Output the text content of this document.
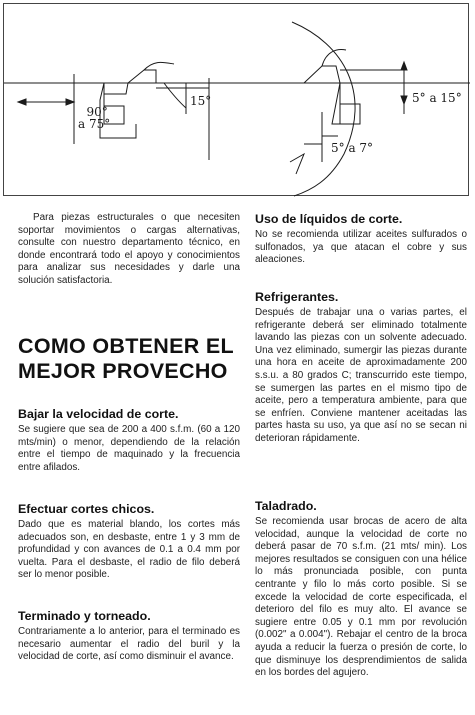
90°
a 75°
15°	5° a 15°
5° a 7°

Para piezas estructurales o que necesiten soportar movimientos o cargas alternativas, consulte con nuestro departamento técnico, en donde encontrará todo el apoyo y conocimientos para analizar sus necesidades y darle una solución satisfactoria.

COMO OBTENER EL
MEJOR PROVECHO
Bajar la velocidad de corte.

Se sugiere que sea de 200 a 400 s.f.m. (60 a 120 mts/min) o menor, dependiendo de la relación entre el tiempo de maquinado y la frecuencia entre afilados.

Efectuar cortes chicos.

Dado que es material blando, los cortes más adecuados son, en desbaste, entre 1 y 3 mm de profundidad y con avances de 0.1 a 0.4 mm por vuelta. Para el desbaste, el radio de filo deberá ser lo menor posible.

Terminado y torneado.

Contrariamente a lo anterior, para el terminado es necesario aumentar el radio del buril y la velocidad de corte, así como disminuir el avance.

Uso de líquidos de corte.

No se recomienda utilizar aceites sulfurados o sulfonados, ya que atacan el cobre y sus aleaciones.

Refrigerantes.

Después de trabajar una o varias partes, el refrigerante deberá ser eliminado totalmente lavando las piezas con un solvente adecuado. Una vez eliminado, sumergir las piezas durante una hora en aceite de aproximadamente 200 s.s.u. a 80 grados C; transcurrido este tiempo, se sumergen las partes en el mismo tipo de aceite, pero a temperatura ambiente, para que se enfríen. Conviene mantener aceitadas las partes hasta su uso, ya que así no se secan ni deterioran rápidamente.

Taladrado.

Se recomienda usar brocas de acero de alta velocidad, aunque la velocidad de corte no deberá pasar de 70 s.f.m. (21 mts/ min). Los mejores resultados se consiguen con una hélice lo más pronunciada posible, con punta centrante y filo lo más corto posible. Si se excede la velocidad de corte especificada, el deterioro del filo es muy alto. El avance se sugiere entre 0.05 y 0.1 mm por revolución (0.002" a 0.004"). Rebajar el centro de la broca ayuda a reducir la fuerza o presión de corte, lo que disminuye los desprendimientos de salida en los bordes del agujero.
